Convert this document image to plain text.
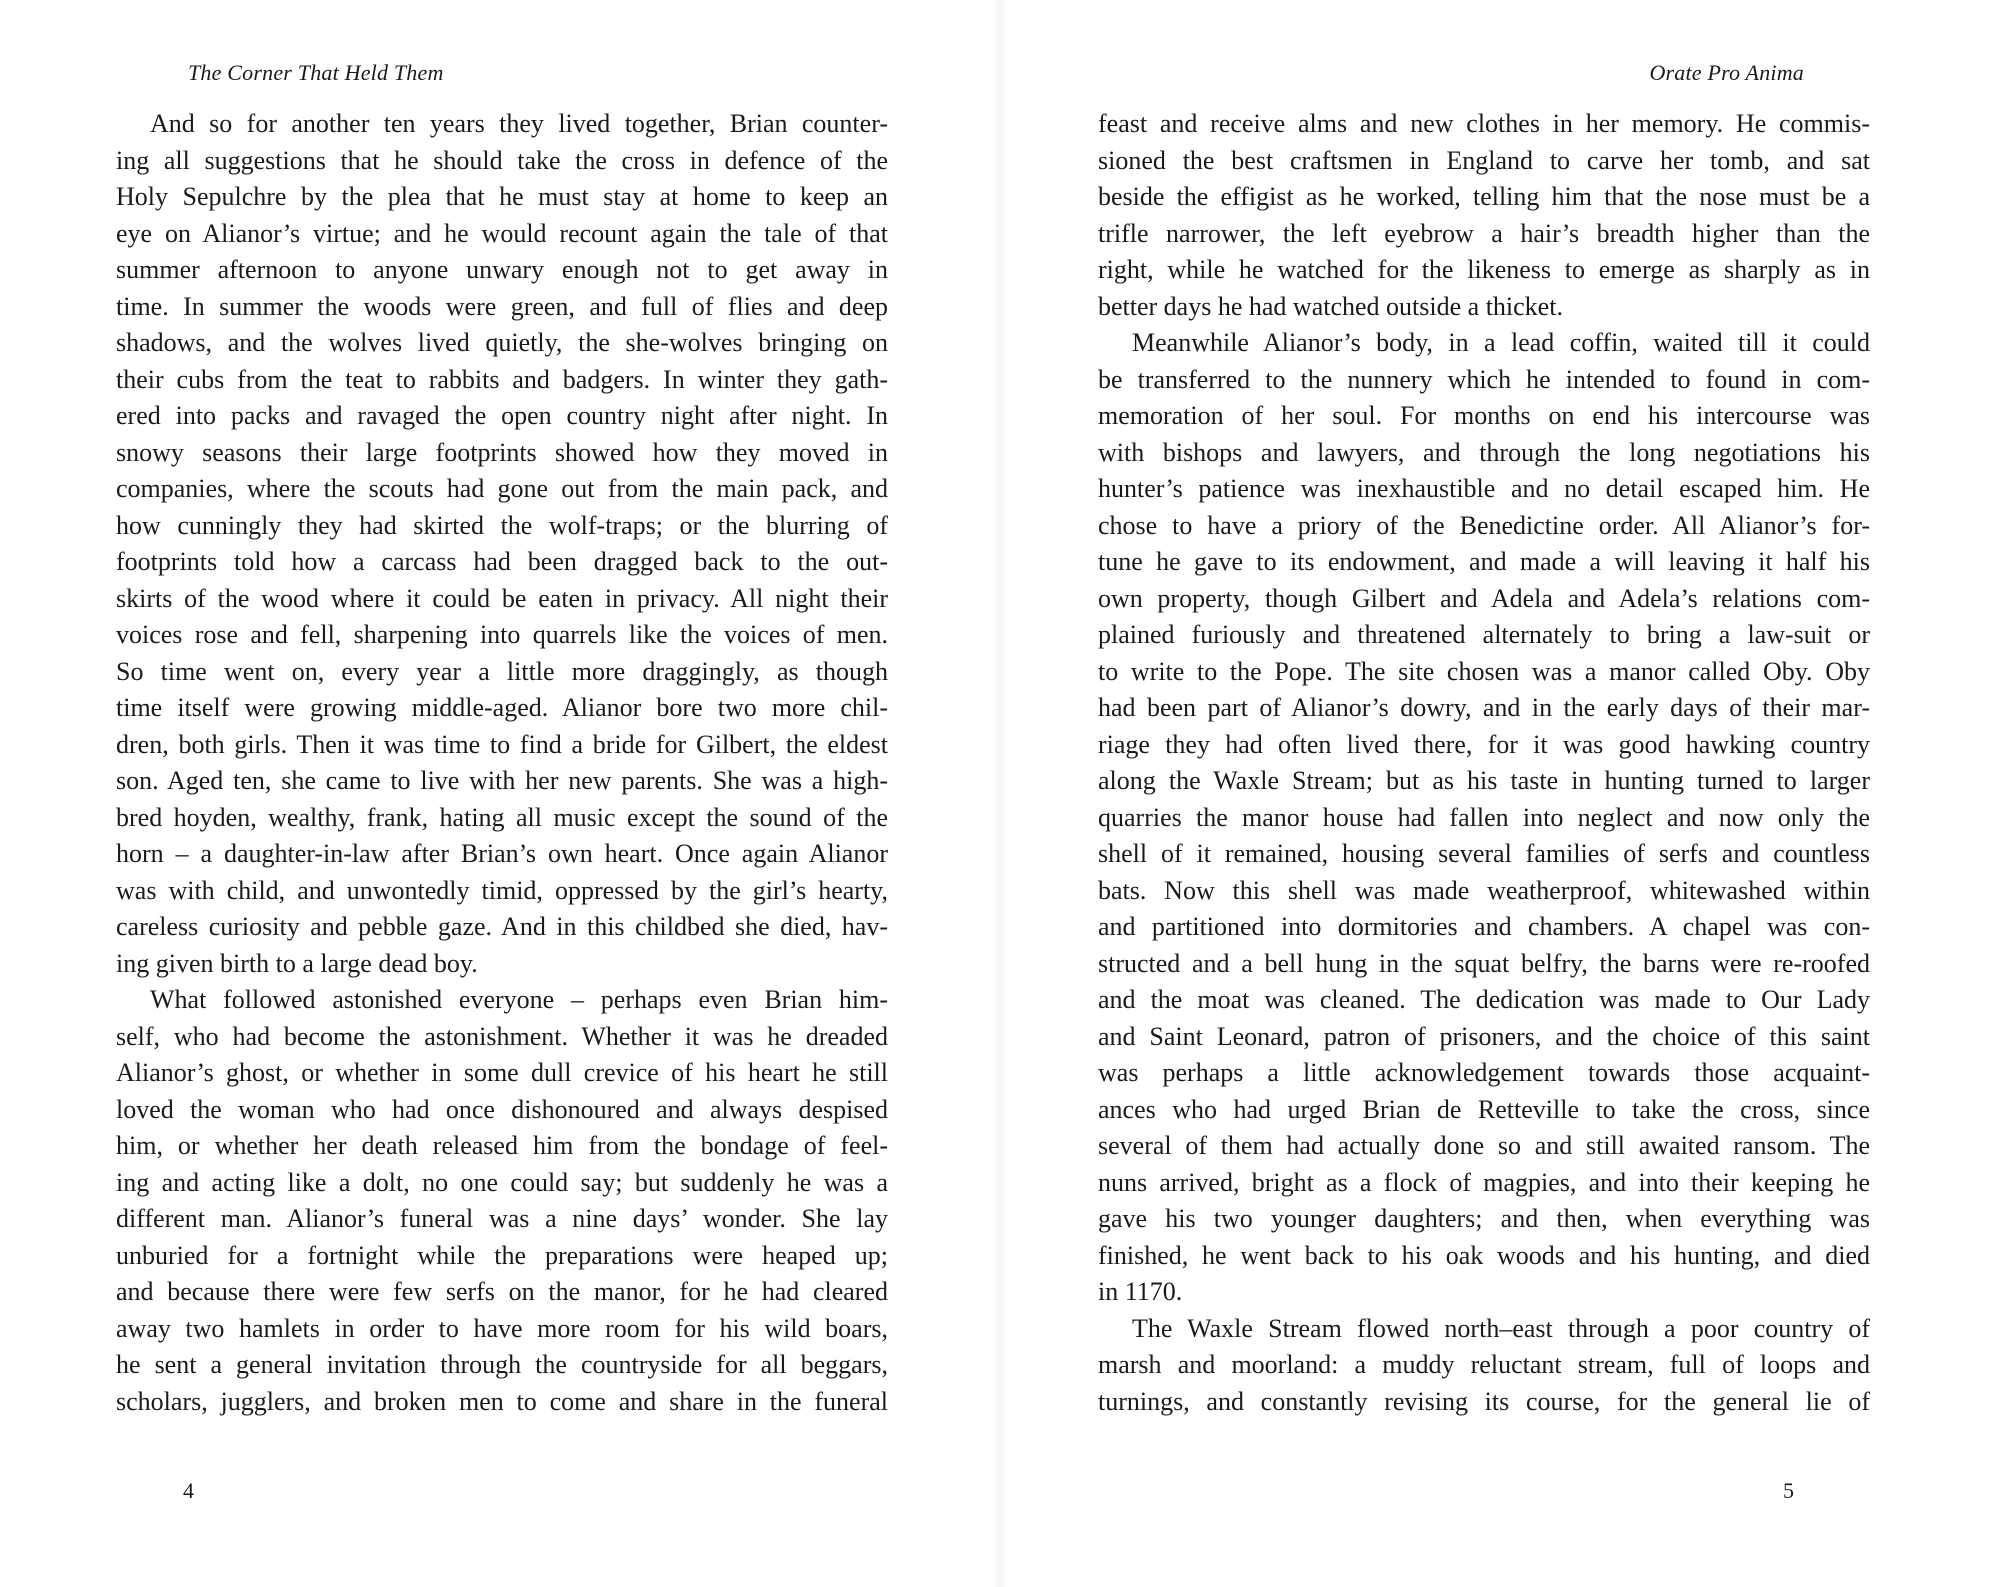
The Corner That Held Them
And so for another ten years they lived together, Brian counter-
ing all suggestions that he should take the cross in defence of the
Holy Sepulchre by the plea that he must stay at home to keep an
eye on Alianor’s virtue; and he would recount again the tale of that
summer afternoon to anyone unwary enough not to get away in
time. In summer the woods were green, and full of flies and deep
shadows, and the wolves lived quietly, the she-wolves bringing on
their cubs from the teat to rabbits and badgers. In winter they gath-
ered into packs and ravaged the open country night after night. In
snowy seasons their large footprints showed how they moved in
companies, where the scouts had gone out from the main pack, and
how cunningly they had skirted the wolf-traps; or the blurring of
footprints told how a carcass had been dragged back to the out-
skirts of the wood where it could be eaten in privacy. All night their
voices rose and fell, sharpening into quarrels like the voices of men.
So time went on, every year a little more draggingly, as though
time itself were growing middle-aged. Alianor bore two more chil-
dren, both girls. Then it was time to find a bride for Gilbert, the eldest
son. Aged ten, she came to live with her new parents. She was a high-
bred hoyden, wealthy, frank, hating all music except the sound of the
horn – a daughter-in-law after Brian’s own heart. Once again Alianor
was with child, and unwontedly timid, oppressed by the girl’s hearty,
careless curiosity and pebble gaze. And in this childbed she died, hav-
ing given birth to a large dead boy.
What followed astonished everyone – perhaps even Brian him-
self, who had become the astonishment. Whether it was he dreaded
Alianor’s ghost, or whether in some dull crevice of his heart he still
loved the woman who had once dishonoured and always despised
him, or whether her death released him from the bondage of feel-
ing and acting like a dolt, no one could say; but suddenly he was a
different man. Alianor’s funeral was a nine days’ wonder. She lay
unburied for a fortnight while the preparations were heaped up;
and because there were few serfs on the manor, for he had cleared
away two hamlets in order to have more room for his wild boars,
he sent a general invitation through the countryside for all beggars,
scholars, jugglers, and broken men to come and share in the funeral
4
Orate Pro Anima
feast and receive alms and new clothes in her memory. He commis-
sioned the best craftsmen in England to carve her tomb, and sat
beside the effigist as he worked, telling him that the nose must be a
trifle narrower, the left eyebrow a hair’s breadth higher than the
right, while he watched for the likeness to emerge as sharply as in
better days he had watched outside a thicket.
Meanwhile Alianor’s body, in a lead coffin, waited till it could
be transferred to the nunnery which he intended to found in com-
memoration of her soul. For months on end his intercourse was
with bishops and lawyers, and through the long negotiations his
hunter’s patience was inexhaustible and no detail escaped him. He
chose to have a priory of the Benedictine order. All Alianor’s for-
tune he gave to its endowment, and made a will leaving it half his
own property, though Gilbert and Adela and Adela’s relations com-
plained furiously and threatened alternately to bring a law-suit or
to write to the Pope. The site chosen was a manor called Oby. Oby
had been part of Alianor’s dowry, and in the early days of their mar-
riage they had often lived there, for it was good hawking country
along the Waxle Stream; but as his taste in hunting turned to larger
quarries the manor house had fallen into neglect and now only the
shell of it remained, housing several families of serfs and countless
bats. Now this shell was made weatherproof, whitewashed within
and partitioned into dormitories and chambers. A chapel was con-
structed and a bell hung in the squat belfry, the barns were re-roofed
and the moat was cleaned. The dedication was made to Our Lady
and Saint Leonard, patron of prisoners, and the choice of this saint
was perhaps a little acknowledgement towards those acquaint-
ances who had urged Brian de Retteville to take the cross, since
several of them had actually done so and still awaited ransom. The
nuns arrived, bright as a flock of magpies, and into their keeping he
gave his two younger daughters; and then, when everything was
finished, he went back to his oak woods and his hunting, and died
in 1170.
The Waxle Stream flowed north–east through a poor country of
marsh and moorland: a muddy reluctant stream, full of loops and
turnings, and constantly revising its course, for the general lie of
5
